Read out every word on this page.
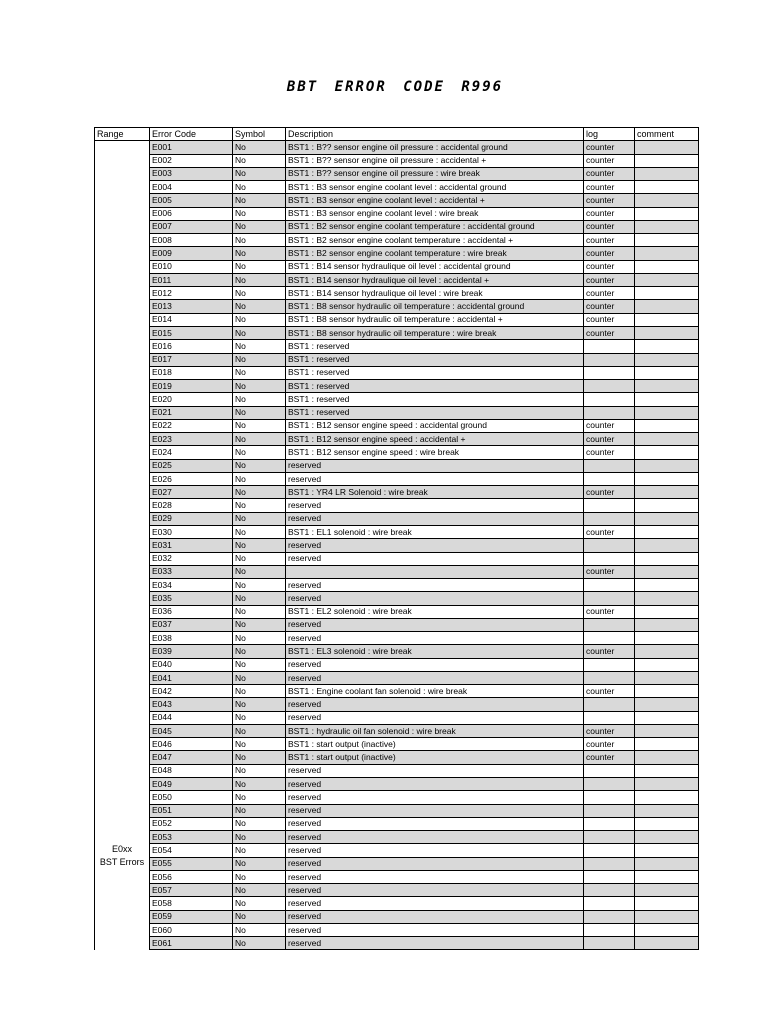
BBT ERROR CODE R996
Range	Error Code	Symbol	Description	log	comment

E0xx
BST Errors	E001	No	BST1 : B?? sensor engine oil pressure : accidental ground	counter	
	E002	No	BST1 : B?? sensor engine oil pressure : accidental +	counter	
	E003	No	BST1 : B?? sensor engine oil pressure : wire break	counter	
	E004	No	BST1 : B3 sensor engine coolant level : accidental ground	counter	
	E005	No	BST1 : B3 sensor engine coolant level : accidental +	counter	
	E006	No	BST1 : B3 sensor engine coolant level : wire break	counter	
	E007	No	BST1 : B2 sensor engine coolant temperature : accidental ground	counter	
	E008	No	BST1 : B2 sensor engine coolant temperature : accidental +	counter	
	E009	No	BST1 : B2 sensor engine coolant temperature : wire break	counter	
	E010	No	BST1 : B14 sensor hydraulique oil level : accidental ground	counter	
	E011	No	BST1 : B14 sensor hydraulique oil level : accidental +	counter	
	E012	No	BST1 : B14 sensor hydraulique oil level : wire break	counter	
	E013	No	BST1 : B8 sensor hydraulic oil temperature : accidental ground	counter	
	E014	No	BST1 : B8 sensor hydraulic oil temperature : accidental +	counter	
	E015	No	BST1 : B8 sensor hydraulic oil temperature : wire break	counter	
	E016	No	BST1 : reserved		
	E017	No	BST1 : reserved		
	E018	No	BST1 : reserved		
	E019	No	BST1 : reserved		
	E020	No	BST1 : reserved		
	E021	No	BST1 : reserved		
	E022	No	BST1 : B12 sensor engine speed : accidental ground	counter	
	E023	No	BST1 : B12 sensor engine speed : accidental +	counter	
	E024	No	BST1 : B12 sensor engine speed : wire break	counter	
	E025	No	reserved		
	E026	No	reserved		
	E027	No	BST1 : YR4 LR Solenoid : wire break	counter	
	E028	No	reserved		
	E029	No	reserved		
	E030	No	BST1 : EL1 solenoid : wire break	counter	
	E031	No	reserved		
	E032	No	reserved		
	E033	No		counter	
	E034	No	reserved		
	E035	No	reserved		
	E036	No	BST1 : EL2 solenoid : wire break	counter	
	E037	No	reserved		
	E038	No	reserved		
	E039	No	BST1 : EL3 solenoid : wire break	counter	
	E040	No	reserved		
	E041	No	reserved		
	E042	No	BST1 : Engine coolant fan solenoid : wire break	counter	
	E043	No	reserved		
	E044	No	reserved		
	E045	No	BST1 : hydraulic oil fan solenoid : wire break	counter	
	E046	No	BST1 : start output (inactive)	counter	
	E047	No	BST1 : start output (inactive)	counter	
	E048	No	reserved		
	E049	No	reserved		
	E050	No	reserved		
	E051	No	reserved		
	E052	No	reserved		
	E053	No	reserved		
	E054	No	reserved		
	E055	No	reserved		
	E056	No	reserved		
	E057	No	reserved		
	E058	No	reserved		
	E059	No	reserved		
	E060	No	reserved		
	E061	No	reserved		
